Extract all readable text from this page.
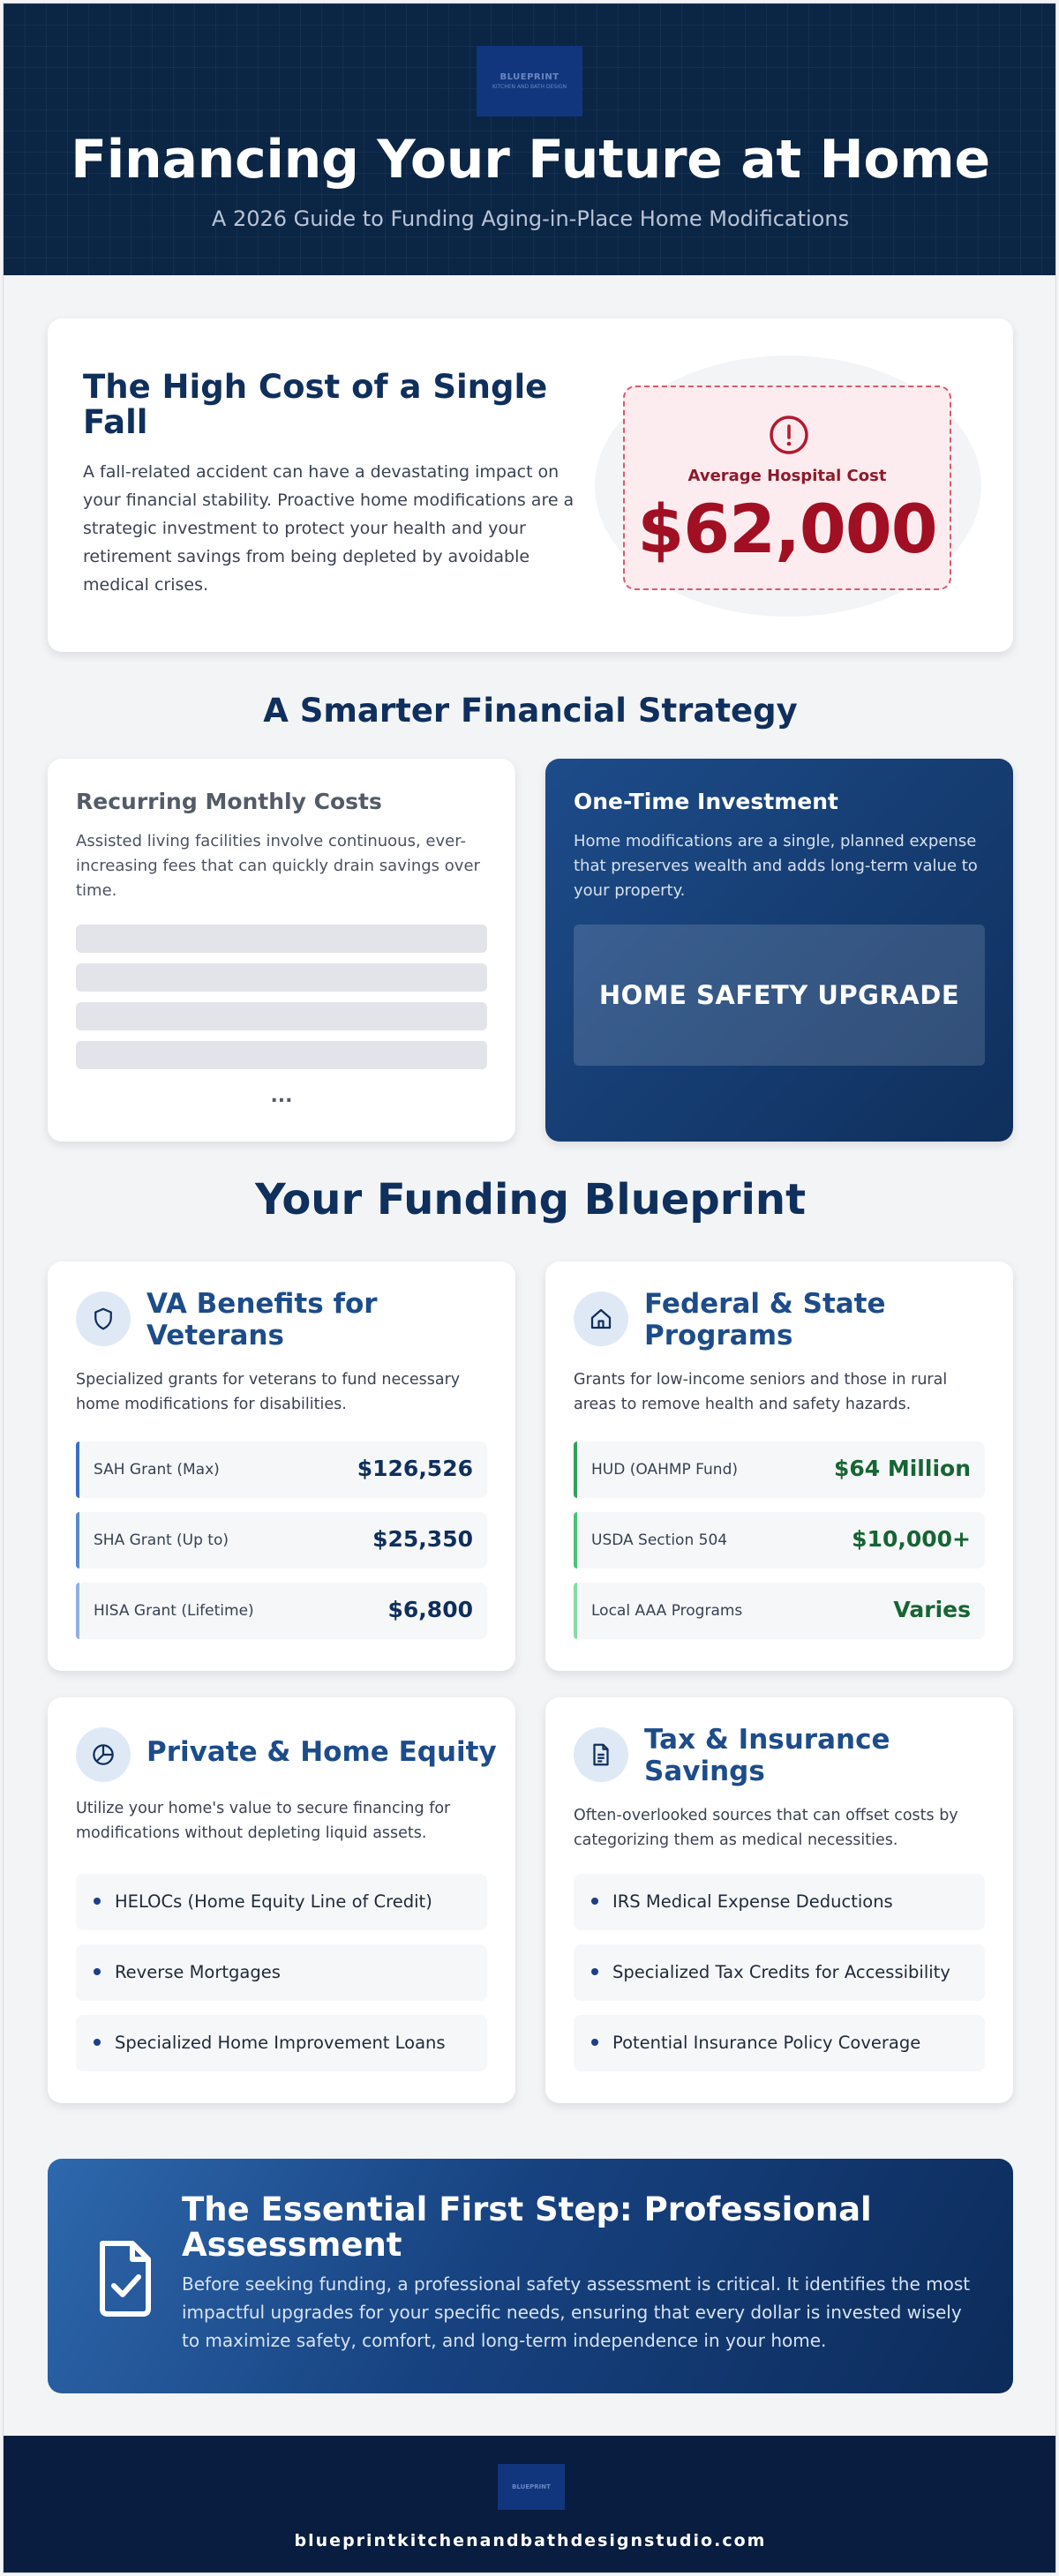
BLUEPRINT
KITCHEN AND BATH DESIGN
Financing Your Future at Home
A 2026 Guide to Funding Aging-in-Place Home Modifications
The High Cost of a Single Fall
A fall-related accident can have a devastating impact on your financial stability. Proactive home modifications are a strategic investment to protect your health and your retirement savings from being depleted by avoidable medical crises.
Average Hospital Cost
$62,000
A Smarter Financial Strategy
Recurring Monthly Costs
Assisted living facilities involve continuous, ever-increasing fees that can quickly drain savings over time.
...
One-Time Investment
Home modifications are a single, planned expense that preserves wealth and adds long-term value to your property.
HOME SAFETY UPGRADE
Your Funding Blueprint
VA Benefits for Veterans
Specialized grants for veterans to fund necessary home modifications for disabilities.
SAH Grant (Max)	$126,526
SHA Grant (Up to)	$25,350
HISA Grant (Lifetime)	$6,800
Federal & State Programs
Grants for low-income seniors and those in rural areas to remove health and safety hazards.
HUD (OAHMP Fund)	$64 Million
USDA Section 504	$10,000+
Local AAA Programs	Varies
Private & Home Equity
Utilize your home's value to secure financing for modifications without depleting liquid assets.
HELOCs (Home Equity Line of Credit)
Reverse Mortgages
Specialized Home Improvement Loans
Tax & Insurance Savings
Often-overlooked sources that can offset costs by categorizing them as medical necessities.
IRS Medical Expense Deductions
Specialized Tax Credits for Accessibility
Potential Insurance Policy Coverage
The Essential First Step: Professional Assessment
Before seeking funding, a professional safety assessment is critical. It identifies the most impactful upgrades for your specific needs, ensuring that every dollar is invested wisely to maximize safety, comfort, and long-term independence in your home.
BLUEPRINT
blueprintkitchenandbathdesignstudio.com
